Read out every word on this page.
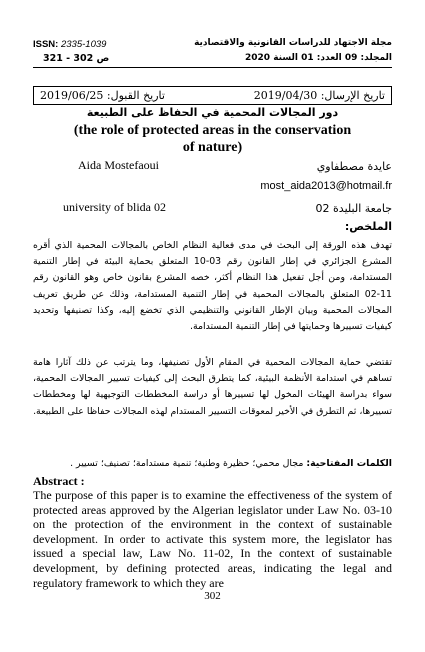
مجلة الاجتهاد للدراسات القانونية والاقتصادية
ISSN: 2335-1039
المجلد: 09 العدد: 01 السنة 2020
ص 302 - 321
تاريخ الإرسال: 2019/04/30
تاريخ القبول: 2019/06/25
دور المجالات المحمية في الحفاظ على الطبيعة
(the role of protected areas in the conservation of nature)
عايدة مصطفاوي
Aida Mostefaoui
most_aida2013@hotmail.fr
جامعة البليدة 02
university of blida 02
الملخص:
تهدف هذه الورقة إلى البحث في مدى فعالية النظام الخاص بالمجالات المحمية الذي أقره المشرع الجزائري في إطار القانون رقم 03-10 المتعلق بحماية البيئة في إطار التنمية المستدامة، ومن أجل تفعيل هذا النظام أكثر، خصه المشرع بقانون خاص وهو القانون رقم 11-02 المتعلق بالمجالات المحمية في إطار التنمية المستدامة، وذلك عن طريق تعريف المجالات المحمية وبيان الإطار القانوني والتنظيمي الذي تخضع إليه، وكذا تصنيفها وتحديد كيفيات تسييرها وحمايتها في إطار التنمية المستدامة.
تقتضي حماية المجالات المحمية في المقام الأول تصنيفها، وما يترتب عن ذلك آثارا هامة تساهم في استدامة الأنظمة البيئية، كما يتطرق البحث إلى كيفيات تسيير المجالات المحمية، سواء بدراسة الهيئات المخول لها تسييرها أو دراسة المخططات التوجيهية لها ومخططات تسييرها، ثم التطرق في الأخير لمعوقات التسيير المستدام لهذه المجالات حفاظا على الطبيعة.
الكلمات المفتاحية: مجال محمي؛ حظيرة وطنية؛ تنمية مستدامة؛ تصنيف؛ تسيير .
Abstract :
The purpose of this paper is to examine the effectiveness of the system of protected areas approved by the Algerian legislator under Law No. 03-10 on the protection of the environment in the context of sustainable development. In order to activate this system more, the legislator has issued a special law, Law No. 11-02, In the context of sustainable development, by defining protected areas, indicating the legal and regulatory framework to which they are
302
